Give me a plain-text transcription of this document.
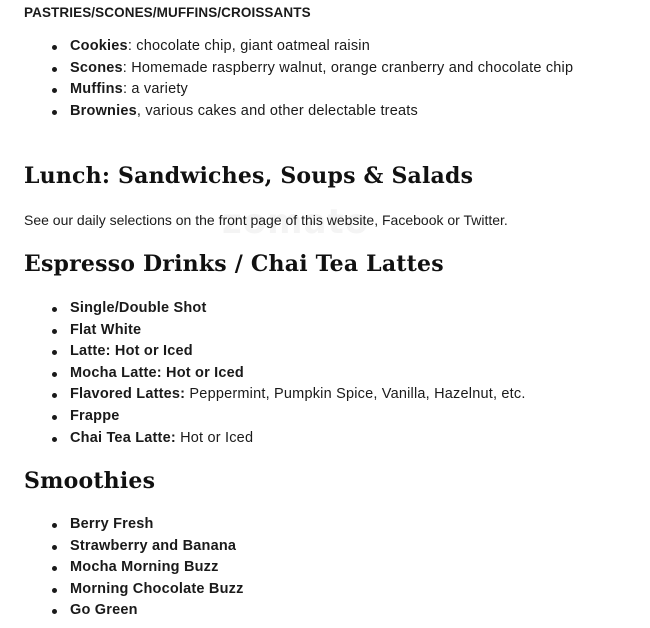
PASTRIES/SCONES/MUFFINS/CROISSANTS

Cookies: chocolate chip, giant oatmeal raisin
Scones: Homemade raspberry walnut, orange cranberry and chocolate chip
Muffins: a variety
Brownies, various cakes and other delectable treats
Lunch: Sandwiches, Soups & Salads

See our daily selections on the front page of this website, Facebook or Twitter.

Espresso Drinks / Chai Tea Lattes
Single/Double Shot
Flat White
Latte: Hot or Iced
Mocha Latte: Hot or Iced
Flavored Lattes: Peppermint, Pumpkin Spice, Vanilla, Hazelnut, etc.
Frappe
Chai Tea Latte: Hot or Iced
Smoothies
Berry Fresh
Strawberry and Banana
Mocha Morning Buzz
Morning Chocolate Buzz
Go Green
